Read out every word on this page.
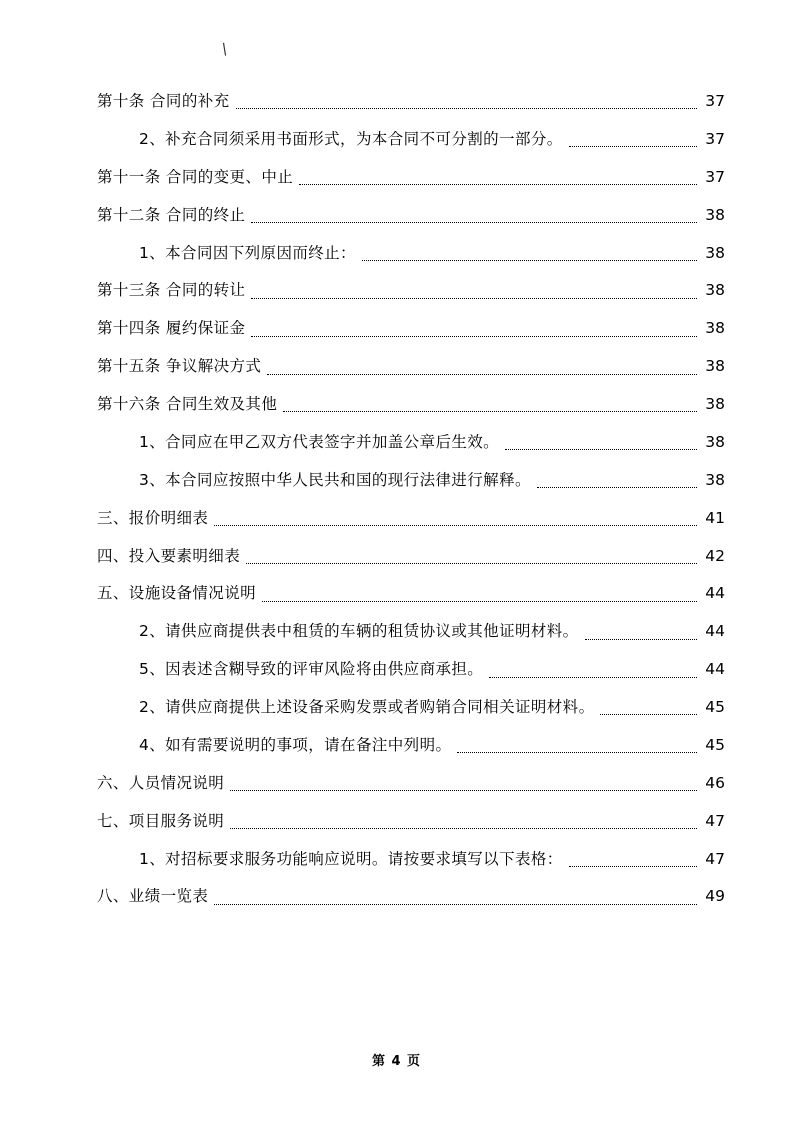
\
第十条 合同的补充	37
2、补充合同须采用书面形式，为本合同不可分割的一部分。	37
第十一条 合同的变更、中止	37
第十二条 合同的终止	38
1、本合同因下列原因而终止：	38
第十三条 合同的转让	38
第十四条 履约保证金	38
第十五条 争议解决方式	38
第十六条 合同生效及其他	38
1、合同应在甲乙双方代表签字并加盖公章后生效。	38
3、本合同应按照中华人民共和国的现行法律进行解释。	38
三、报价明细表	41
四、投入要素明细表	42
五、设施设备情况说明	44
2、请供应商提供表中租赁的车辆的租赁协议或其他证明材料。	44
5、因表述含糊导致的评审风险将由供应商承担。	44
2、请供应商提供上述设备采购发票或者购销合同相关证明材料。	45
4、如有需要说明的事项，请在备注中列明。	45
六、人员情况说明	46
七、项目服务说明	47
1、对招标要求服务功能响应说明。请按要求填写以下表格：	47
八、业绩一览表	49
第 4 页
